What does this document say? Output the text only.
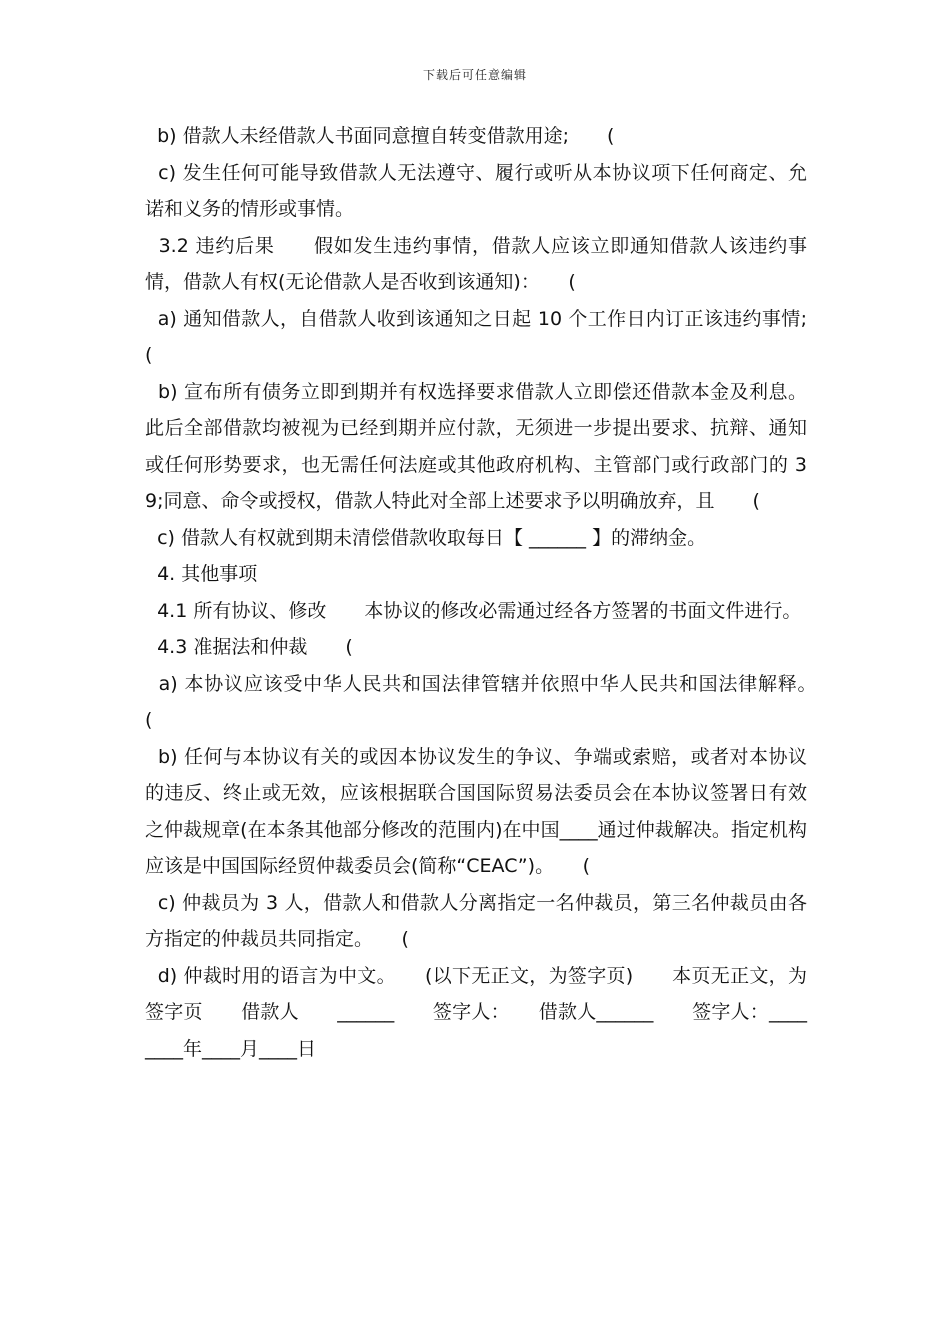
下载后可任意编辑

b) 借款人未经借款人书面同意擅自转变借款用途;　　(

c) 发生任何可能导致借款人无法遵守、履行或听从本协议项下任何商定、允诺和义务的情形或事情。

3.2 违约后果　　假如发生违约事情，借款人应该立即通知借款人该违约事情，借款人有权(无论借款人是否收到该通知)：　　(

a) 通知借款人，自借款人收到该通知之日起 10 个工作日内订正该违约事情;　　(

b) 宣布所有债务立即到期并有权选择要求借款人立即偿还借款本金及利息。此后全部借款均被视为已经到期并应付款，无须进一步提出要求、抗辩、通知或任何形势要求，也无需任何法庭或其他政府机构、主管部门或行政部门的 39;同意、命令或授权，借款人特此对全部上述要求予以明确放弃，且　　(

c) 借款人有权就到期未清偿借款收取每日【 ______ 】的滞纳金。

4. 其他事项

4.1 所有协议、修改　　本协议的修改必需通过经各方签署的书面文件进行。

4.3 准据法和仲裁　　(

a) 本协议应该受中华人民共和国法律管辖并依照中华人民共和国法律解释。　　(

b) 任何与本协议有关的或因本协议发生的争议、争端或索赔，或者对本协议的违反、终止或无效，应该根据联合国国际贸易法委员会在本协议签署日有效之仲裁规章(在本条其他部分修改的范围内)在中国____通过仲裁解决。指定机构应该是中国国际经贸仲裁委员会(简称“CEAC”)。　　(

c) 仲裁员为 3 人，借款人和借款人分离指定一名仲裁员，第三名仲裁员由各方指定的仲裁员共同指定。　　(

d) 仲裁时用的语言为中文。　　(以下无正文，为签字页)　　本页无正文，为签字页　　借款人　　______　　签字人：　　借款人______　　签字人：________年____月____日
